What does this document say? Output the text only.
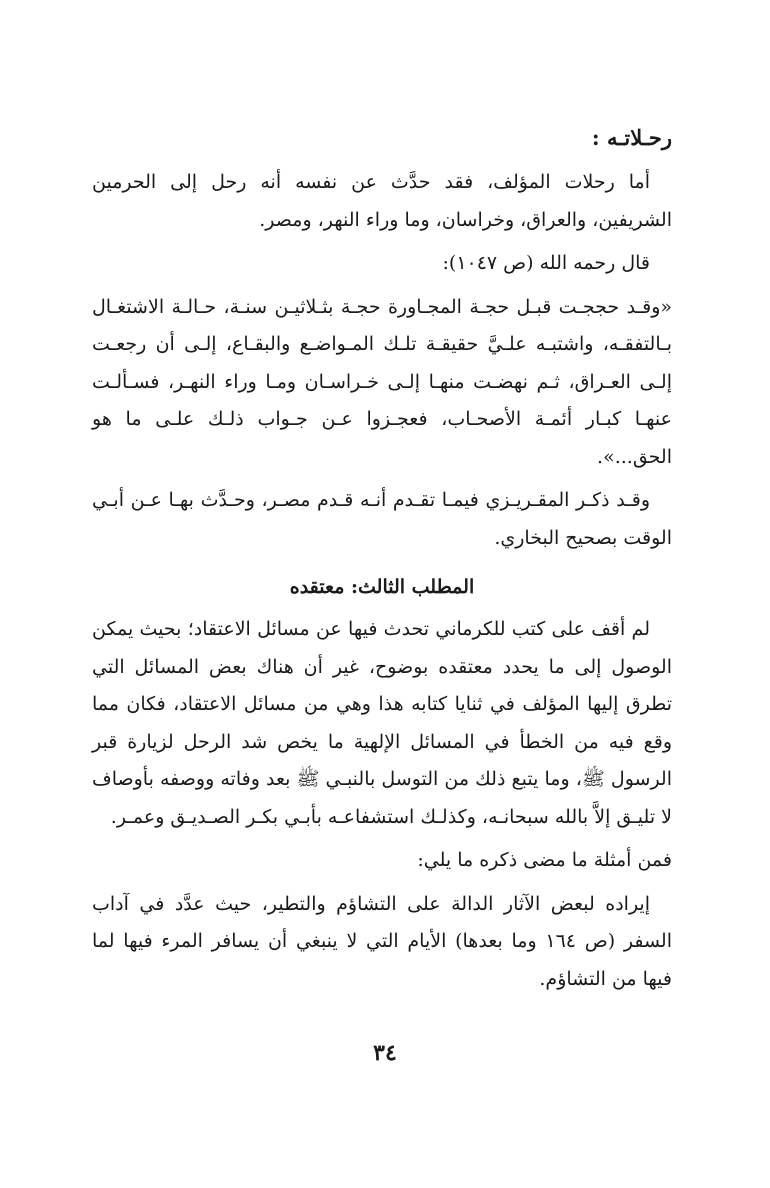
رحـلاتـه :

أما رحلات المؤلف، فقد حدَّث عن نفسه أنه رحل إلى الحرمين الشريفين، والعراق، وخراسان، وما وراء النهر، ومصر.

قال رحمه الله (ص ١٠٤٧):

«وقـد حججـت قبـل حجـة المجـاورة حجـة بثـلاثيـن سنـة، حـالـة الاشتغـال بـالتفقـه، واشتبـه علـيَّ حقيقـة تلـك المـواضـع والبقـاع، إلـى أن رجعـت إلـى العـراق، ثـم نهضـت منهـا إلـى خـراسـان ومـا وراء النهـر، فسـألـت عنهـا كبـار أئمـة الأصحـاب، فعجـزوا عـن جـواب ذلـك علـى ما هو الحق...».

وقـد ذكـر المقـريـزي فيمـا تقـدم أنـه قـدم مصـر، وحـدَّث بهـا عـن أبـي الوقت بصحيح البخاري.

المطلب الثالث: معتقده

لم أقف على كتب للكرماني تحدث فيها عن مسائل الاعتقاد؛ بحيث يمكن الوصول إلى ما يحدد معتقده بوضوح، غير أن هناك بعض المسائل التي تطرق إليها المؤلف في ثنايا كتابه هذا وهي من مسائل الاعتقاد، فكان مما وقع فيه من الخطأ في المسائل الإلهية ما يخص شد الرحل لزيارة قبر الرسول ﷺ، وما يتبع ذلك من التوسل بالنبـي ﷺ بعد وفاته ووصفه بأوصاف لا تليـق إلاَّ بالله سبحانـه، وكذلـك استشفاعـه بأبـي بكـر الصـديـق وعمـر.

فمن أمثلة ما مضى ذكره ما يلي:

إيراده لبعض الآثار الدالة على التشاؤم والتطير، حيث عدَّد في آداب السفر (ص ١٦٤ وما بعدها) الأيام التي لا ينبغي أن يسافر المرء فيها لما فيها من التشاؤم.

٣٤
